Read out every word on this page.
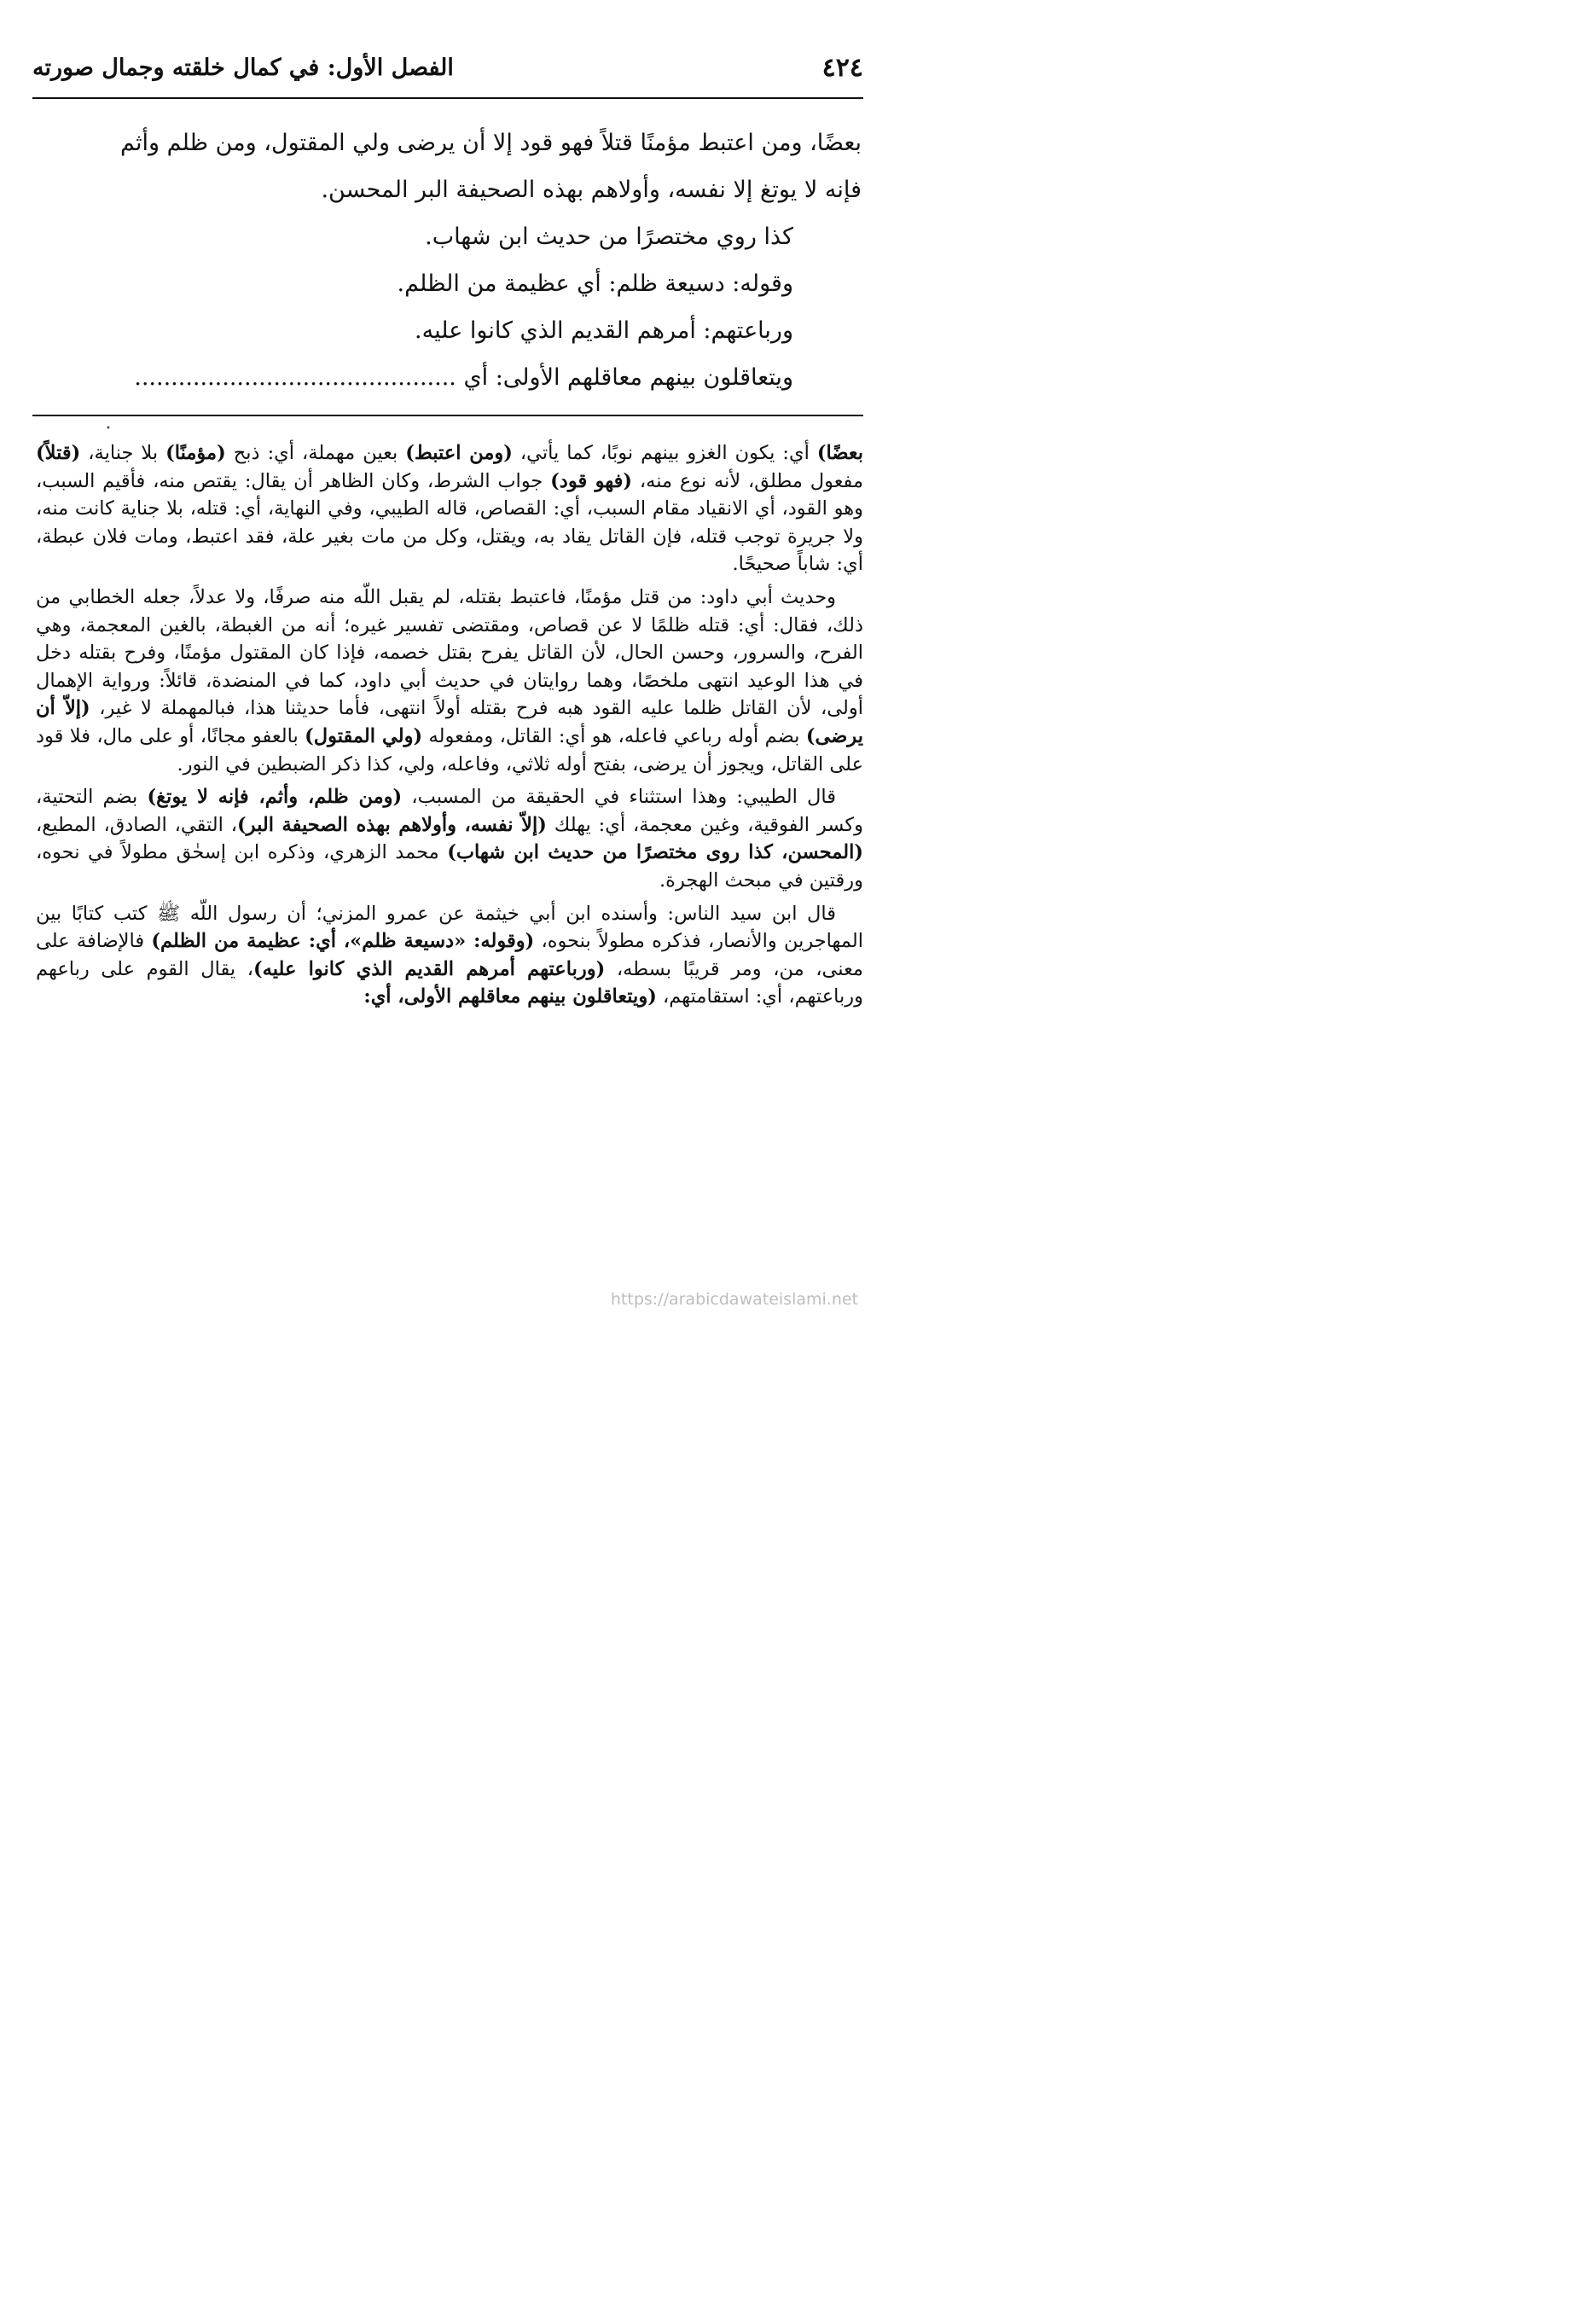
٤٢٤
الفصل الأول: في كمال خلقته وجمال صورته

بعضًا، ومن اعتبط مؤمنًا قتلاً فهو قود إلا أن يرضى ولي المقتول، ومن ظلم وأثم

فإنه لا يوتغ إلا نفسه، وأولاهم بهذه الصحيفة البر المحسن.

كذا روي مختصرًا من حديث ابن شهاب.

وقوله: دسيعة ظلم: أي عظيمة من الظلم.

ورباعتهم: أمرهم القديم الذي كانوا عليه.

ويتعاقلون بينهم معاقلهم الأولى: أي ............................................

•

بعضًا) أي: يكون الغزو بينهم نوبًا، كما يأتي، (ومن اعتبط) بعين مهملة، أي: ذبح (مؤمنًا) بلا جناية، (قتلاً) مفعول مطلق، لأنه نوع منه، (فهو قود) جواب الشرط، وكان الظاهر أن يقال: يقتص منه، فأقيم السبب، وهو القود، أي الانقياد مقام السبب، أي: القصاص، قاله الطيبي، وفي النهاية، أي: قتله، بلا جناية كانت منه، ولا جريرة توجب قتله، فإن القاتل يقاد به، ويقتل، وكل من مات بغير علة، فقد اعتبط، ومات فلان عبطة، أي: شاباً صحيحًا.

وحديث أبي داود: من قتل مؤمنًا، فاعتبط بقتله، لم يقبل اللّه منه صرفًا، ولا عدلاً، جعله الخطابي من ذلك، فقال: أي: قتله ظلمًا لا عن قصاص، ومقتضى تفسير غيره؛ أنه من الغبطة، بالغين المعجمة، وهي الفرح، والسرور، وحسن الحال، لأن القاتل يفرح بقتل خصمه، فإذا كان المقتول مؤمنًا، وفرح بقتله دخل في هذا الوعيد انتهى ملخصًا، وهما روايتان في حديث أبي داود، كما في المنضدة، قائلاً: ورواية الإهمال أولى، لأن القاتل ظلما عليه القود هبه فرح بقتله أولاً انتهى، فأما حديثنا هذا، فبالمهملة لا غير، (إلاّ أن يرضى) بضم أوله رباعي فاعله، هو أي: القاتل، ومفعوله (ولي المقتول) بالعفو مجانًا، أو على مال، فلا قود على القاتل، ويجوز أن يرضى، بفتح أوله ثلاثي، وفاعله، ولي، كذا ذكر الضبطين في النور.

قال الطيبي: وهذا استثناء في الحقيقة من المسبب، (ومن ظلم، وأثم، فإنه لا يوتغ) بضم التحتية، وكسر الفوقية، وغين معجمة، أي: يهلك (إلاّ نفسه، وأولاهم بهذه الصحيفة البر)، التقي، الصادق، المطيع، (المحسن، كذا روى مختصرًا من حديث ابن شهاب) محمد الزهري، وذكره ابن إسحٰق مطولاً في نحوه، ورقتين في مبحث الهجرة.

قال ابن سيد الناس: وأسنده ابن أبي خيثمة عن عمرو المزني؛ أن رسول اللّه ﷺ كتب كتابًا بين المهاجرين والأنصار، فذكره مطولاً بنحوه، (وقوله: «دسيعة ظلم»، أي: عظيمة من الظلم) فالإضافة على معنى، من، ومر قريبًا بسطه، (ورباعتهم أمرهم القديم الذي كانوا عليه)، يقال القوم على رباعهم ورباعتهم، أي: استقامتهم، (ويتعاقلون بينهم معاقلهم الأولى، أي:

https://arabicdawateislami.net
